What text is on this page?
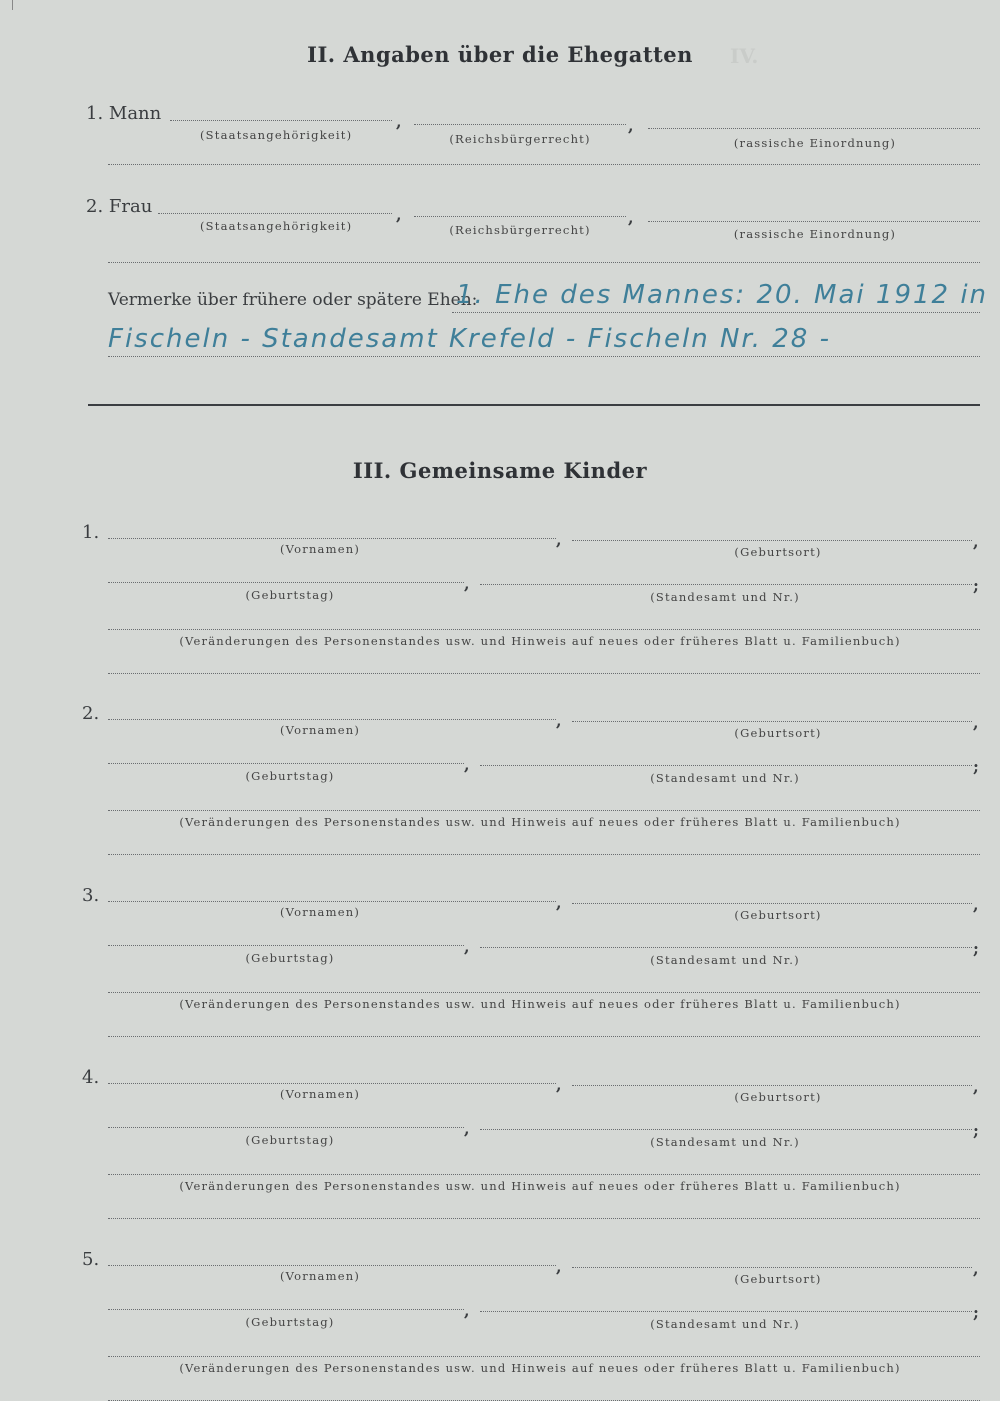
IV.
II. Angaben über die Ehegatten
1. Mann	,	,
(Staatsangehörigkeit)	(Reichsbürgerrecht)	(rassische Einordnung)
2. Frau	,	,
(Staatsangehörigkeit)	(Reichsbürgerrecht)	(rassische Einordnung)
Vermerke über frühere oder spätere Ehen:
1. Ehe des Mannes: 20. Mai 1912 in
Fischeln - Standesamt Krefeld - Fischeln Nr. 28 -
III. Gemeinsame Kinder
1.	,	,
(Vornamen)	(Geburtsort)
,	;
(Geburtstag)	(Standesamt und Nr.)
(Veränderungen des Personenstandes usw. und Hinweis auf neues oder früheres Blatt u. Familienbuch)
2.	,	,
(Vornamen)	(Geburtsort)
,	;
(Geburtstag)	(Standesamt und Nr.)
(Veränderungen des Personenstandes usw. und Hinweis auf neues oder früheres Blatt u. Familienbuch)
3.	,	,
(Vornamen)	(Geburtsort)
,	;
(Geburtstag)	(Standesamt und Nr.)
(Veränderungen des Personenstandes usw. und Hinweis auf neues oder früheres Blatt u. Familienbuch)
4.	,	,
(Vornamen)	(Geburtsort)
,	;
(Geburtstag)	(Standesamt und Nr.)
(Veränderungen des Personenstandes usw. und Hinweis auf neues oder früheres Blatt u. Familienbuch)
5.	,	,
(Vornamen)	(Geburtsort)
,	;
(Geburtstag)	(Standesamt und Nr.)
(Veränderungen des Personenstandes usw. und Hinweis auf neues oder früheres Blatt u. Familienbuch)
